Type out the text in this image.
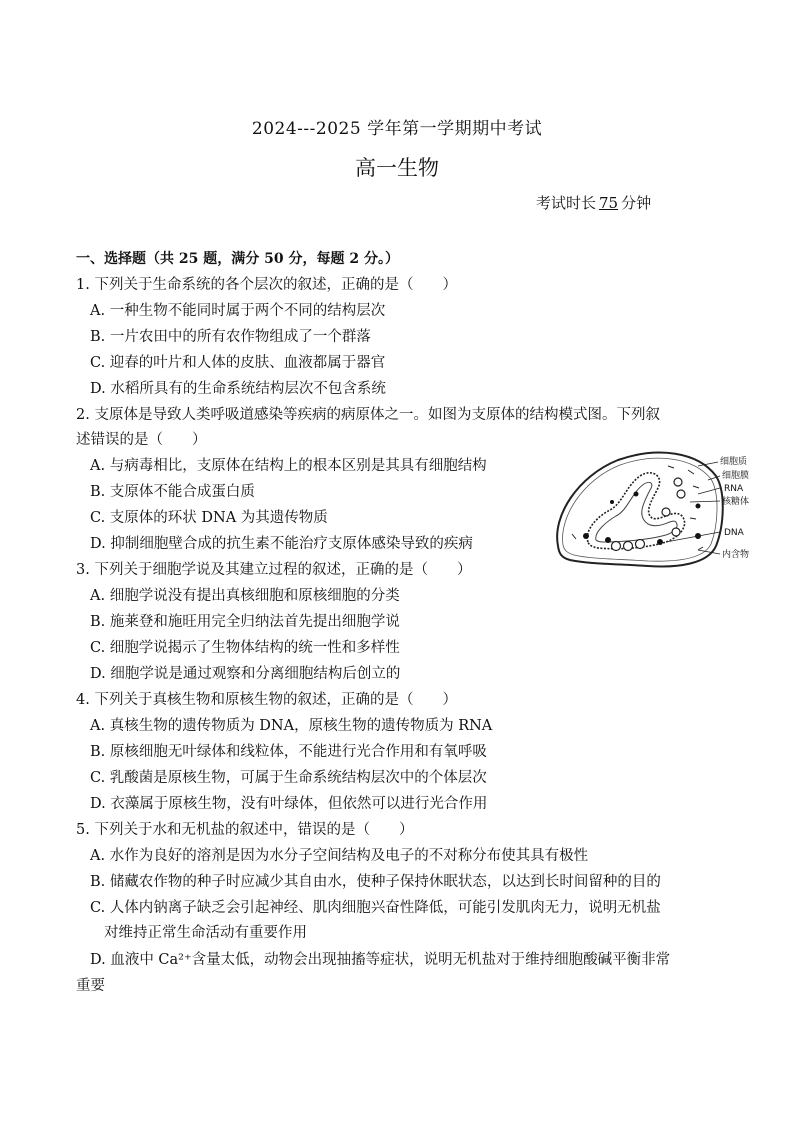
2024---2025 学年第一学期期中考试
高一生物
考试时长 75 分钟
一、选择题（共 25 题，满分 50 分，每题 2 分。）
1. 下列关于生命系统的各个层次的叙述，正确的是（　　）
A. 一种生物不能同时属于两个不同的结构层次
B. 一片农田中的所有农作物组成了一个群落
C. 迎春的叶片和人体的皮肤、血液都属于器官
D. 水稻所具有的生命系统结构层次不包含系统
2. 支原体是导致人类呼吸道感染等疾病的病原体之一。如图为支原体的结构模式图。下列叙
述错误的是（　　）
A. 与病毒相比，支原体在结构上的根本区别是其具有细胞结构
B. 支原体不能合成蛋白质
C. 支原体的环状 DNA 为其遗传物质
D. 抑制细胞壁合成的抗生素不能治疗支原体感染导致的疾病
细胞质
细胞膜
RNA
核糖体
DNA
内含物
3. 下列关于细胞学说及其建立过程的叙述，正确的是（　　）
A. 细胞学说没有提出真核细胞和原核细胞的分类
B. 施莱登和施旺用完全归纳法首先提出细胞学说
C. 细胞学说揭示了生物体结构的统一性和多样性
D. 细胞学说是通过观察和分离细胞结构后创立的
4. 下列关于真核生物和原核生物的叙述，正确的是（　　）
A. 真核生物的遗传物质为 DNA，原核生物的遗传物质为 RNA
B. 原核细胞无叶绿体和线粒体，不能进行光合作用和有氧呼吸
C. 乳酸菌是原核生物，可属于生命系统结构层次中的个体层次
D. 衣藻属于原核生物，没有叶绿体，但依然可以进行光合作用
5. 下列关于水和无机盐的叙述中，错误的是（　　）
A. 水作为良好的溶剂是因为水分子空间结构及电子的不对称分布使其具有极性
B. 储藏农作物的种子时应减少其自由水，使种子保持休眠状态，以达到长时间留种的目的
C. 人体内钠离子缺乏会引起神经、肌肉细胞兴奋性降低，可能引发肌肉无力，说明无机盐
对维持正常生命活动有重要作用
D. 血液中 Ca²⁺含量太低，动物会出现抽搐等症状，说明无机盐对于维持细胞酸碱平衡非常
重要
